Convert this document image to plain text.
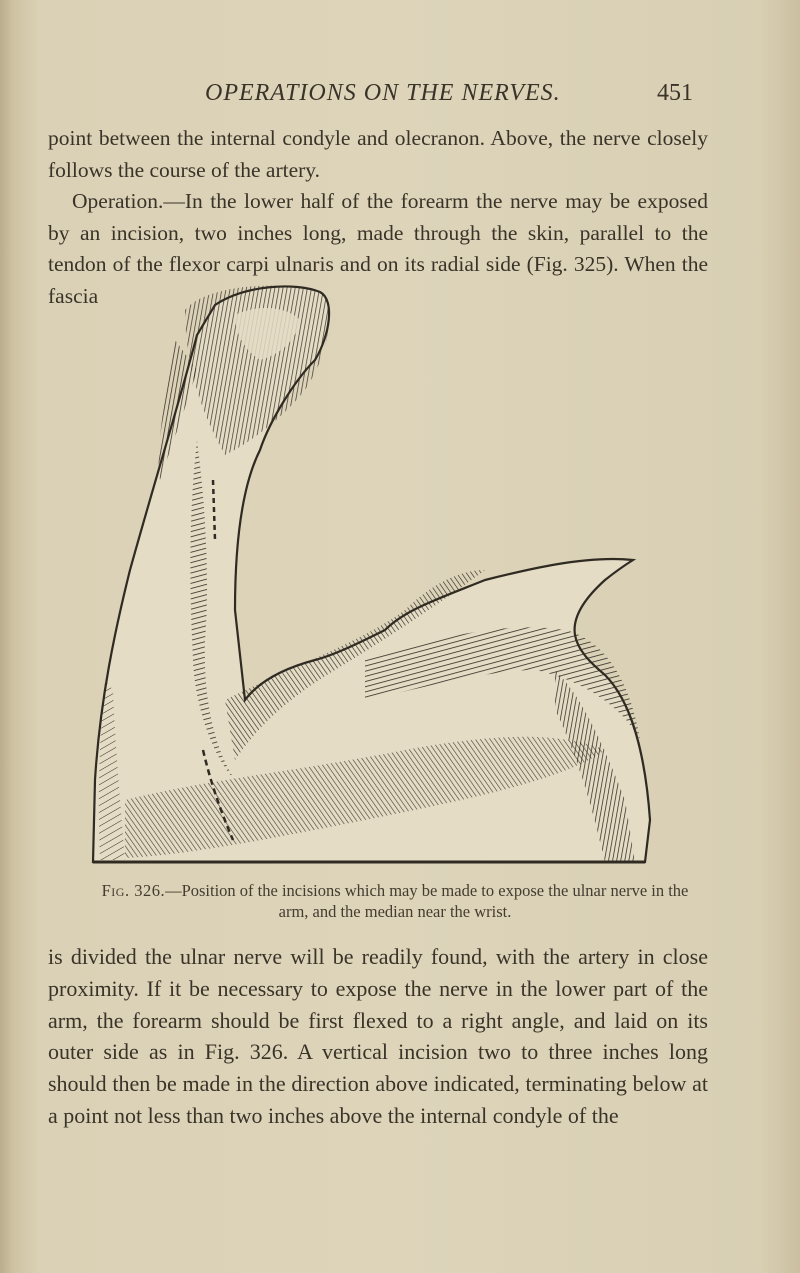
OPERATIONS ON THE NERVES.	451

point between the internal condyle and olecranon. Above, the nerve closely follows the course of the artery.

Operation.—In the lower half of the forearm the nerve may be exposed by an incision, two inches long, made through the skin, parallel to the tendon of the flexor carpi ulnaris and on its radial side (Fig. 325). When the fascia

Fig. 326.—Position of the incisions which may be made to expose the ulnar nerve in the arm, and the median near the wrist.

is divided the ulnar nerve will be readily found, with the artery in close proximity. If it be necessary to expose the nerve in the lower part of the arm, the forearm should be first flexed to a right angle, and laid on its outer side as in Fig. 326. A vertical incision two to three inches long should then be made in the direction above indicated, terminating below at a point not less than two inches above the internal condyle of the
